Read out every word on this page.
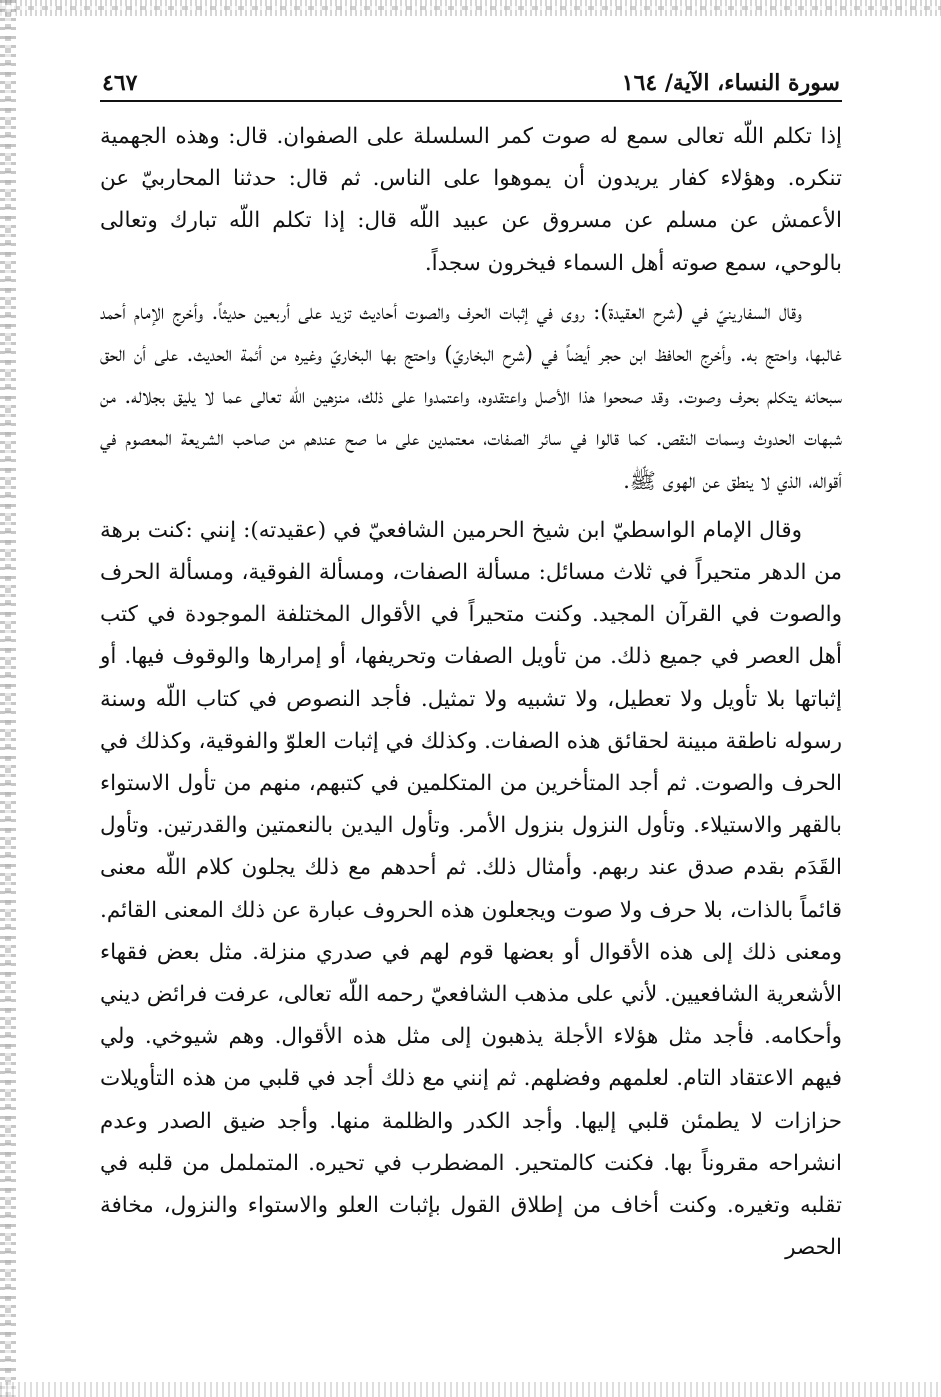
سورة النساء، الآية/ ١٦٤
٤٦٧

إذا تكلم اللّه تعالى سمع له صوت كمر السلسلة على الصفوان. قال: وهذه الجهمية تنكره. وهؤلاء كفار يريدون أن يموهوا على الناس. ثم قال: حدثنا المحاربيّ عن الأعمش عن مسلم عن مسروق عن عبيد اللّه قال: إذا تكلم اللّه تبارك وتعالى بالوحي، سمع صوته أهل السماء فيخرون سجداً.

وقال السفارينيّ في (شرح العقيدة): روى في إثبات الحرف والصوت أحاديث تزيد على أربعين حديثاً. وأخرج الإمام أحمد غالبها، واحتج به. وأخرج الحافظ ابن حجر أيضاً في (شرح البخاريّ) واحتج بها البخاريّ وغيره من أئمة الحديث. على أن الحق سبحانه يتكلم بحرف وصوت. وقد صححوا هذا الأصل واعتقدوه، واعتمدوا على ذلك، منزهين اللّه تعالى عما لا يليق بجلاله. من شبهات الحدوث وسمات النقص. كما قالوا في سائر الصفات، معتمدين على ما صح عندهم من صاحب الشريعة المعصوم في أقواله، الذي لا ينطق عن الهوى ﷺ.

وقال الإمام الواسطيّ ابن شيخ الحرمين الشافعيّ في (عقيدته): إنني :كنت برهة من الدهر متحيراً في ثلاث مسائل: مسألة الصفات، ومسألة الفوقية، ومسألة الحرف والصوت في القرآن المجيد. وكنت متحيراً في الأقوال المختلفة الموجودة في كتب أهل العصر في جميع ذلك. من تأويل الصفات وتحريفها، أو إمرارها والوقوف فيها. أو إثباتها بلا تأويل ولا تعطيل، ولا تشبيه ولا تمثيل. فأجد النصوص في كتاب اللّه وسنة رسوله ناطقة مبينة لحقائق هذه الصفات. وكذلك في إثبات العلوّ والفوقية، وكذلك في الحرف والصوت. ثم أجد المتأخرين من المتكلمين في كتبهم، منهم من تأول الاستواء بالقهر والاستيلاء. وتأول النزول بنزول الأمر. وتأول اليدين بالنعمتين والقدرتين. وتأول القَدَم بقدم صدق عند ربهم. وأمثال ذلك. ثم أحدهم مع ذلك يجلون كلام اللّه معنى قائماً بالذات، بلا حرف ولا صوت ويجعلون هذه الحروف عبارة عن ذلك المعنى القائم. ومعنى ذلك إلى هذه الأقوال أو بعضها قوم لهم في صدري منزلة. مثل بعض فقهاء الأشعرية الشافعيين. لأني على مذهب الشافعيّ رحمه اللّه تعالى، عرفت فرائض ديني وأحكامه. فأجد مثل هؤلاء الأجلة يذهبون إلى مثل هذه الأقوال. وهم شيوخي. ولي فيهم الاعتقاد التام. لعلمهم وفضلهم. ثم إنني مع ذلك أجد في قلبي من هذه التأويلات حزازات لا يطمئن قلبي إليها. وأجد الكدر والظلمة منها. وأجد ضيق الصدر وعدم انشراحه مقروناً بها. فكنت كالمتحير. المضطرب في تحيره. المتململ من قلبه في تقلبه وتغيره. وكنت أخاف من إطلاق القول بإثبات العلو والاستواء والنزول، مخافة الحصر
